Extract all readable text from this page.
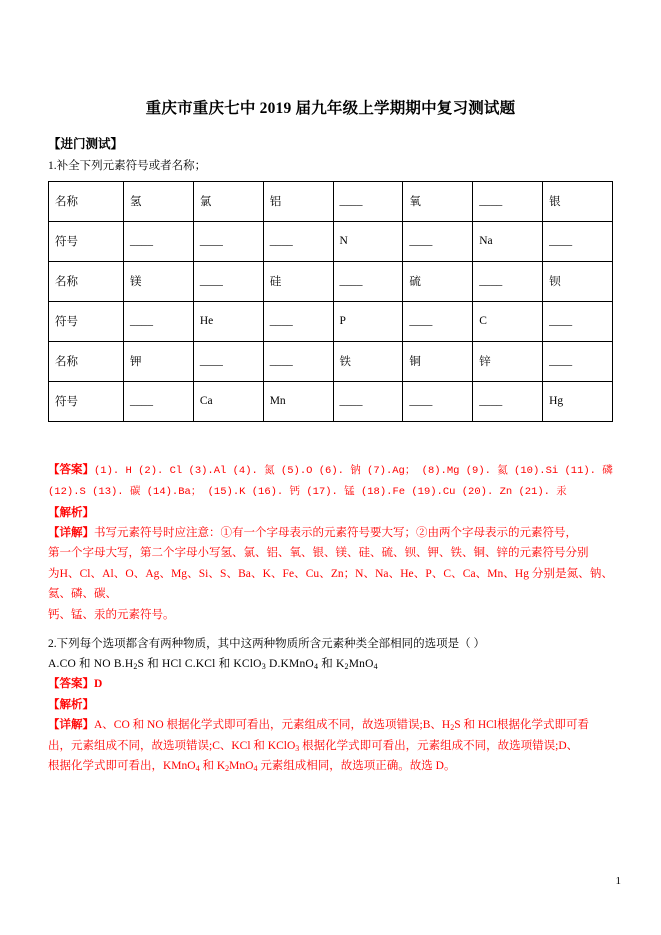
重庆市重庆七中 2019 届九年级上学期期中复习测试题
【进门测试】
1.补全下列元素符号或者名称；
名称	氢	氯	铝	____	氧	____	银
符号	____	____	____	N	____	Na	____
名称	镁	____	硅	____	硫	____	钡
符号	____	He	____	P	____	C	____
名称	钾	____	____	铁	铜	锌	____
符号	____	Ca	Mn	____	____	____	Hg
【答案】(1). H (2). Cl (3).Al (4). 氮 (5).O (6). 钠 (7).Ag； (8).Mg (9). 氦 (10).Si (11). 磷 (12).S (13). 碳 (14).Ba； (15).K (16). 钙 (17). 锰 (18).Fe (19).Cu (20). Zn (21). 汞
【解析】
【详解】书写元素符号时应注意：①有一个字母表示的元素符号要大写；②由两个字母表示的元素符号，
第一个字母大写，第二个字母小写氢、氯、铝、氧、银、镁、硅、硫、钡、钾、铁、铜、锌的元素符号分别
为H、Cl、Al、O、Ag、Mg、Si、S、Ba、K、Fe、Cu、Zn；N、Na、He、P、C、Ca、Mn、Hg 分别是氮、钠、氦、磷、碳、
钙、锰、汞的元素符号。
2.下列每个选项都含有两种物质，其中这两种物质所含元素种类全部相同的选项是（ ）
A.CO 和 NO $B.H_2S$ 和 HCl C.KCl 和 KClO$_3$ D.KMnO$_4$ 和 $K_2MnO_4$
【答案】D
【解析】
【详解】A、CO 和 NO 根据化学式即可看出，元素组成不同，故选项错误;B、$H_2S$ 和 HCl根据化学式即可看
出，元素组成不同，故选项错误;C、KCl 和 KClO$_3$ 根据化学式即可看出，元素组成不同，故选项错误;D、
根据化学式即可看出，KMnO$_4$ 和 $K_2MnO_4$ 元素组成相同，故选项正确。故选 D。
1
